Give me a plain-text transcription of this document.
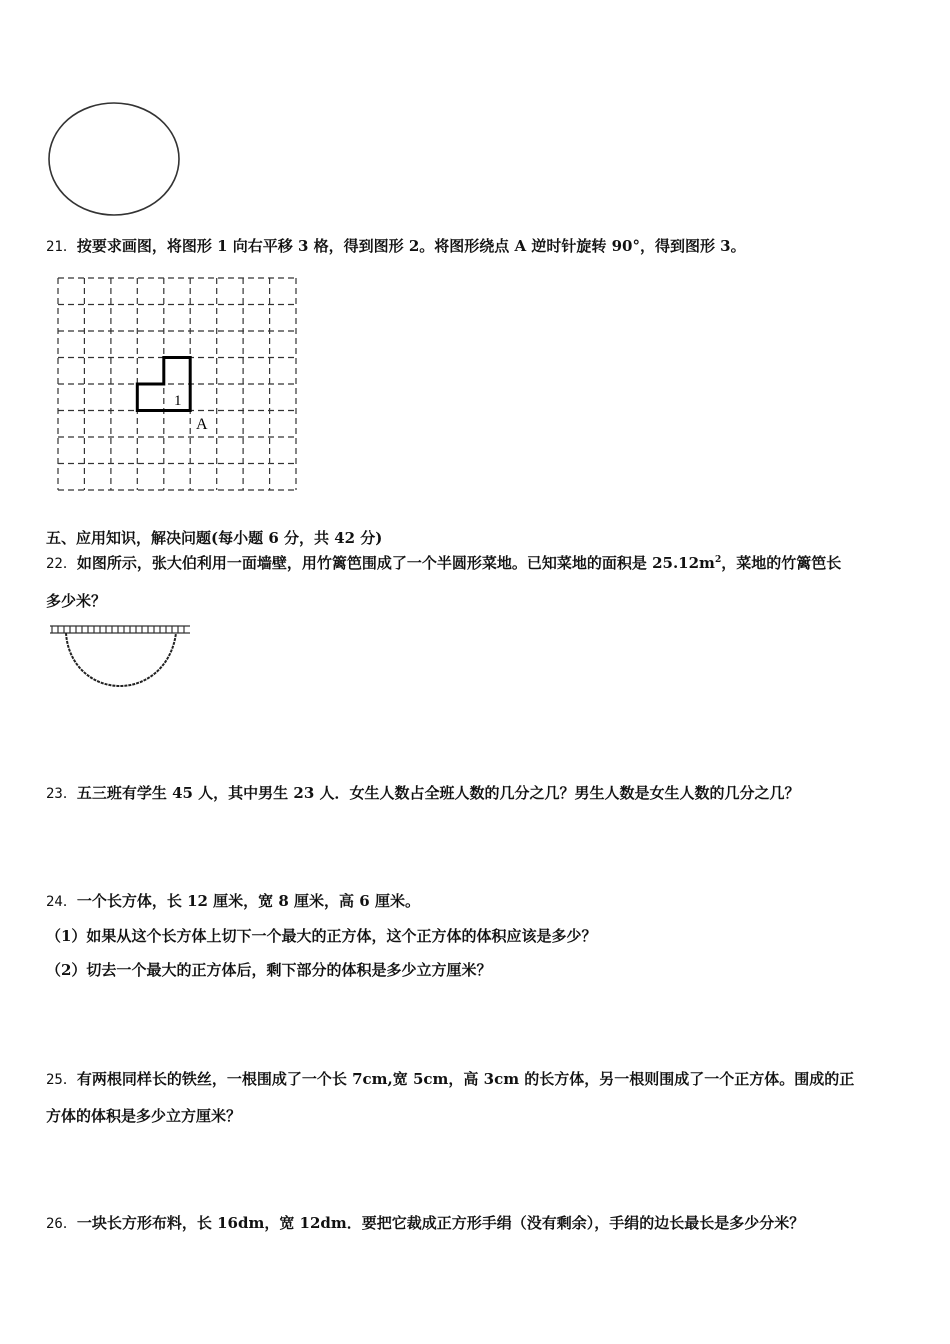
21．按要求画图，将图形 1 向右平移 3 格，得到图形 2。将图形绕点 A 逆时针旋转 90°，得到图形 3。
1
A
五、应用知识，解决问题(每小题 6 分，共 42 分)
22．如图所示，张大伯利用一面墙壁，用竹篱笆围成了一个半圆形菜地。已知菜地的面积是 $25.12m^2$，菜地的竹篱笆长
多少米？
23．五三班有学生 45 人，其中男生 23 人．女生人数占全班人数的几分之几？男生人数是女生人数的几分之几？
24．一个长方体，长 12 厘米，宽 8 厘米，高 6 厘米。
（1）如果从这个长方体上切下一个最大的正方体，这个正方体的体积应该是多少？
（2）切去一个最大的正方体后，剩下部分的体积是多少立方厘米？
25．有两根同样长的铁丝，一根围成了一个长 7cm,宽 5cm，高 3cm 的长方体，另一根则围成了一个正方体。围成的正
方体的体积是多少立方厘米？
26．一块长方形布料，长 16dm，宽 12dm．要把它裁成正方形手绢（没有剩余），手绢的边长最长是多少分米？
